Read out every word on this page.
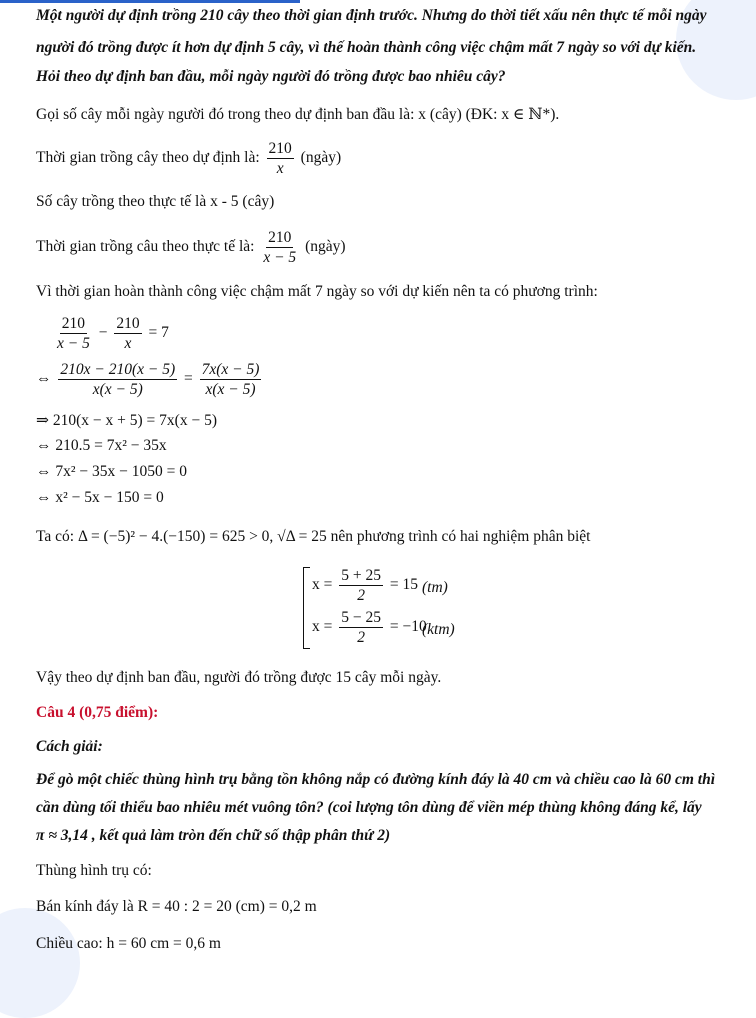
Một người dự định trồng 210 cây theo thời gian định trước. Nhưng do thời tiết xấu nên thực tế mỗi ngày
người đó trồng được ít hơn dự định 5 cây, vì thế hoàn thành công việc chậm mất 7 ngày so với dự kiến.
Hỏi theo dự định ban đầu, mỗi ngày người đó trồng được bao nhiêu cây?
Gọi số cây mỗi ngày người đó trong theo dự định ban đầu là: x (cây) (ĐK: x ∈ ℕ*).
Thời gian trồng cây theo dự định là: $\frac{210}{x}$ (ngày)
Số cây trồng theo thực tế là x - 5 (cây)
Thời gian trồng câu theo thực tế là: $\frac{210}{x - 5}$ (ngày)
Vì thời gian hoàn thành công việc chậm mất 7 ngày so với dự kiến nên ta có phương trình:
$\frac{210}{x - 5} - \frac{210}{x} = 7$
⇔ $\frac{210x - 210(x - 5)}{x(x - 5)} = \frac{7x(x - 5)}{x(x - 5)}$
⇒ 210(x − x + 5) = 7x(x − 5)
⇔ 210.5 = 7x² − 35x
⇔ 7x² − 35x − 1050 = 0
⇔ x² − 5x − 150 = 0
Ta có: Δ = (−5)² − 4.(−150) = 625 > 0, √Δ = 25 nên phương trình có hai nghiệm phân biệt
$x = \frac{5 + 25}{2} = 15$ (tm)
$x = \frac{5 - 25}{2} = -10$
(ktm)
Vậy theo dự định ban đầu, người đó trồng được 15 cây mỗi ngày.
Câu 4 (0,75 điểm):
Cách giải:
Để gò một chiếc thùng hình trụ bằng tồn không nắp có đường kính đáy là 40 cm và chiều cao là 60 cm thì
cần dùng tối thiểu bao nhiêu mét vuông tôn? (coi lượng tôn dùng để viền mép thùng không đáng kể, lấy
π ≈ 3,14 , kết quả làm tròn đến chữ số thập phân thứ 2)
Thùng hình trụ có:
Bán kính đáy là R = 40 : 2 = 20 (cm) = 0,2 m
Chiều cao: h = 60 cm = 0,6 m
